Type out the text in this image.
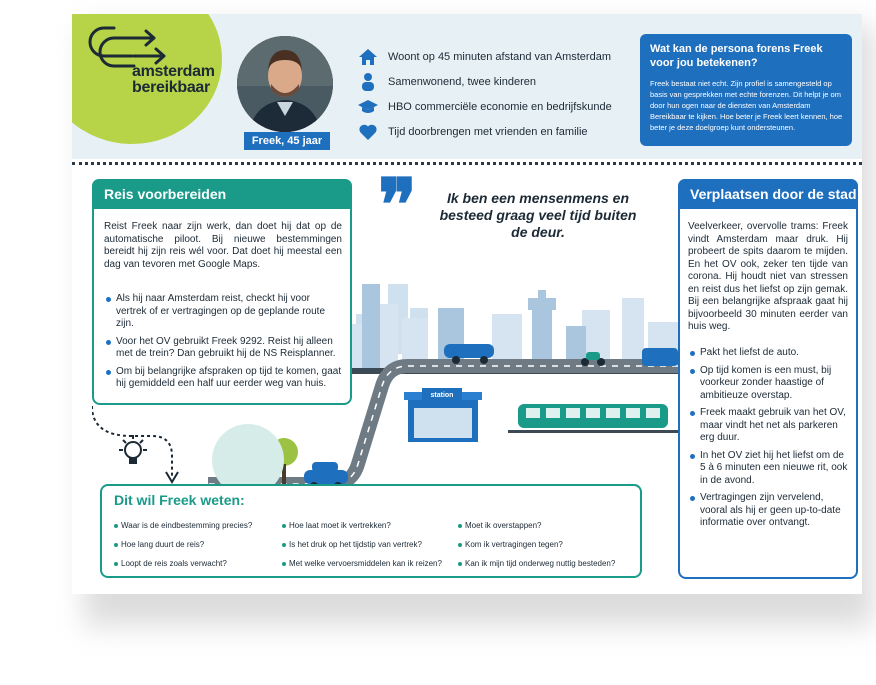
amsterdam
bereikbaar
Freek, 45 jaar
Woont op 45 minuten afstand van Amsterdam
Samenwonend, twee kinderen
HBO commerciële economie en bedrijfskunde
Tijd doorbrengen met vrienden en familie
Wat kan de persona forens Freek voor jou betekenen?

Freek bestaat niet echt. Zijn profiel is samengesteld op basis van gesprekken met echte forenzen. Dit helpt je om door hun ogen naar de diensten van Amsterdam Bereikbaar te kijken. Hoe beter je Freek leert kennen, hoe beter je deze doelgroep kunt ondersteunen.

station
Reis voorbereiden
Reist Freek naar zijn werk, dan doet hij dat op de automatische piloot. Bij nieuwe bestemmingen bereidt hij zijn reis wél voor. Dat doet hij meestal een dag van tevoren met Google Maps.
Als hij naar Amsterdam reist, checkt hij voor vertrek of er vertragingen op de geplande route zijn.
Voor het OV gebruikt Freek 9292. Reist hij alleen met de trein? Dan gebruikt hij de NS Reisplanner.
Om bij belangrijke afspraken op tijd te komen, gaat hij gemiddeld een half uur eerder weg van huis.
❞	Ik ben een mensenmens en besteed graag veel tijd buiten de deur.
Verplaatsen door de stad
Veelverkeer, overvolle trams: Freek vindt Amsterdam maar druk. Hij probeert de spits daarom te mijden. En het OV ook, zeker ten tijde van corona. Hij houdt niet van stressen en reist dus het liefst op zijn gemak. Bij een belangrijke afspraak gaat hij bijvoorbeeld 30 minuten eerder van huis weg.
Pakt het liefst de auto.
Op tijd komen is een must, bij voorkeur zonder haastige of ambitieuze overstap.
Freek maakt gebruik van het OV, maar vindt het net als parkeren erg duur.
In het OV ziet hij het liefst om de 5 à 6 minuten een nieuwe rit, ook in de avond.
Vertragingen zijn vervelend, vooral als hij er geen up-to-date informatie over ontvangt.
Dit wil Freek weten:
Waar is de eindbestemming precies?
Hoe lang duurt de reis?
Loopt de reis zoals verwacht?
Hoe laat moet ik vertrekken?
Is het druk op het tijdstip van vertrek?
Met welke vervoersmiddelen kan ik reizen?
Moet ik overstappen?
Kom ik vertragingen tegen?
Kan ik mijn tijd onderweg nuttig besteden?
